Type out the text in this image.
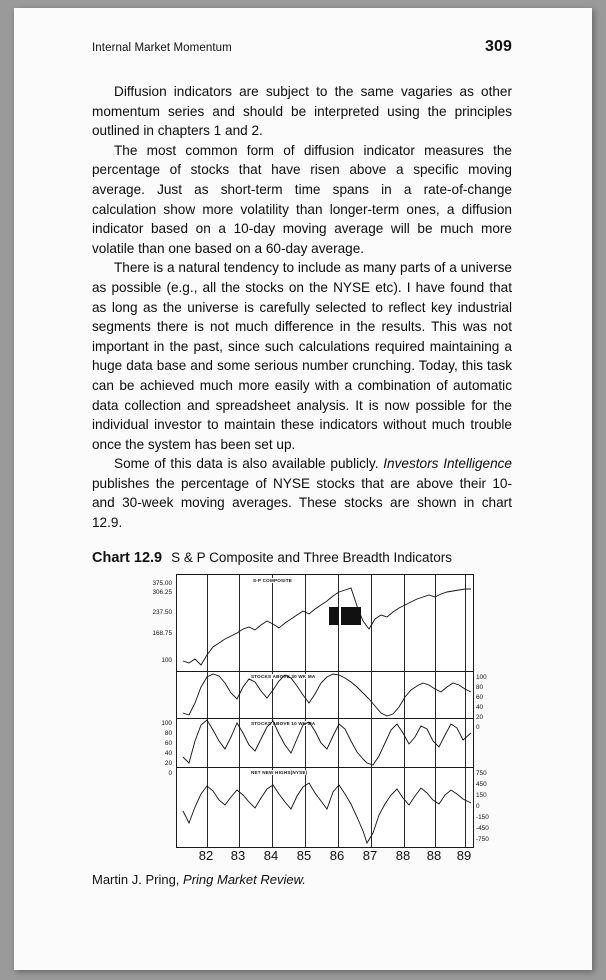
Internal Market Momentum	309

Diffusion indicators are subject to the same vagaries as other momentum series and should be interpreted using the principles outlined in chapters 1 and 2.

The most common form of diffusion indicator measures the percentage of stocks that have risen above a specific moving average. Just as short-term time spans in a rate-of-change calculation show more volatility than longer-term ones, a diffusion indicator based on a 10-day moving average will be much more volatile than one based on a 60-day average.

There is a natural tendency to include as many parts of a universe as possible (e.g., all the stocks on the NYSE etc). I have found that as long as the universe is carefully selected to reflect key industrial segments there is not much difference in the results. This was not important in the past, since such calculations required maintaining a huge data base and some serious number crunching. Today, this task can be achieved much more easily with a combination of automatic data collection and spreadsheet analysis. It is now possible for the individual investor to maintain these indicators without much trouble once the system has been set up.

Some of this data is also available publicly. Investors Intelligence publishes the percentage of NYSE stocks that are above their 10- and 30-week moving averages. These stocks are shown in chart 12.9.

Chart 12.9 S & P Composite and Three Breadth Indicators
375.00
306.25
237.50
168.75
100
100
80
60
40
20
0
100
80
60
40
20
0	750
450
150
0
-150
-450
-750
S-P COMPOSITE
STOCKS ABOVE 30 WK MA
STOCKS ABOVE 10 WK MA
NET NEW HIGHS(NYSE)
82 83 84 85 86 87 88 88 89
Martin J. Pring, Pring Market Review.
